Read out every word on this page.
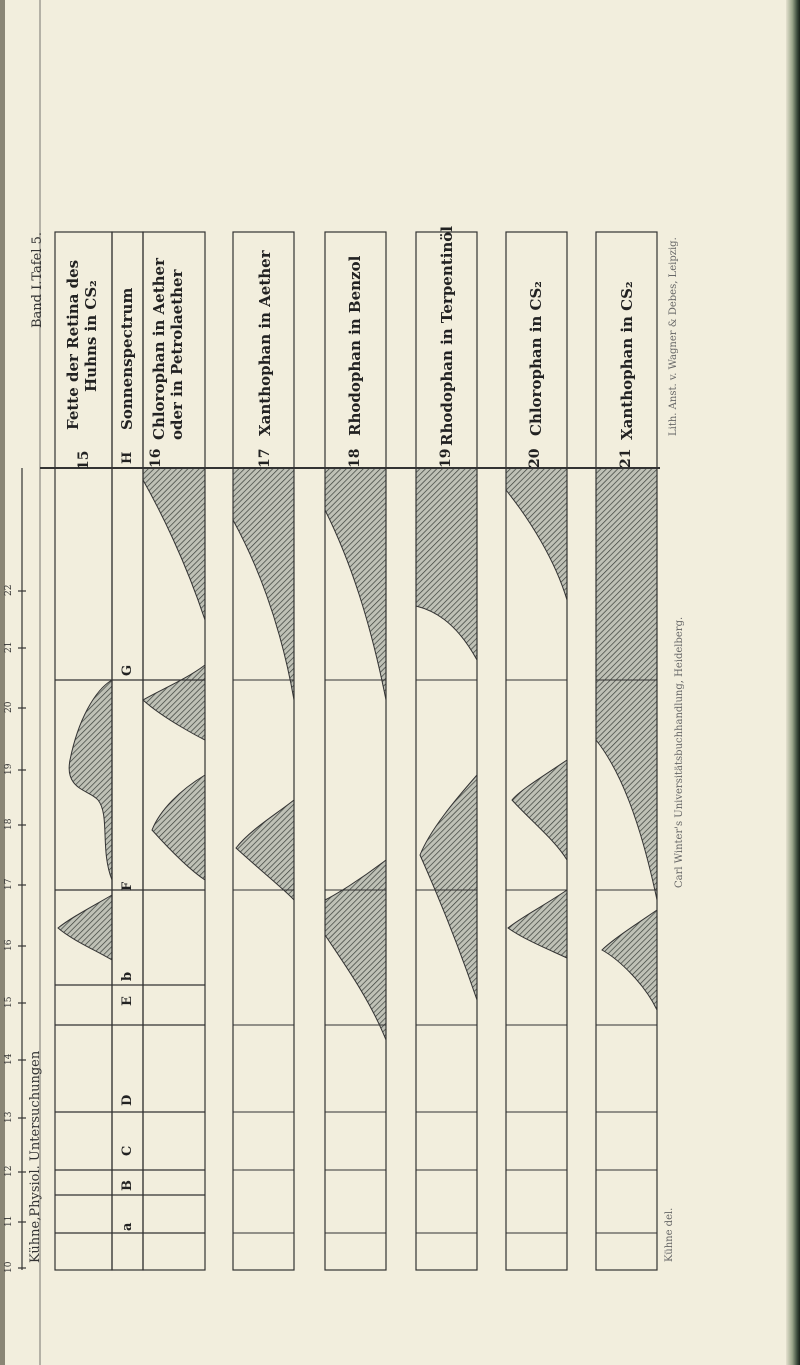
Band I.Tafel 5.
Kühne,Physiol. Untersuchungen
Lith. Anst. v. Wagner & Debes, Leipzig.
Carl Winter's Universitätsbuchhandlung, Heidelberg.
Kühne del.
10
11
12
13
14
15
16
17
18
19
20
21
22
15
Fette der Retina des
Huhns in CS₂ Sonnenspectrum
16
Chlorophan in Aether
oder in Petrolaether
17
Xanthophan in Aether
18
Rhodophan in Benzol
19
Rhodophan in Terpentinöl
20
Chlorophan in CS₂
21
Xanthophan in CS₂
a
B
C
D
E
b
F
G
H
